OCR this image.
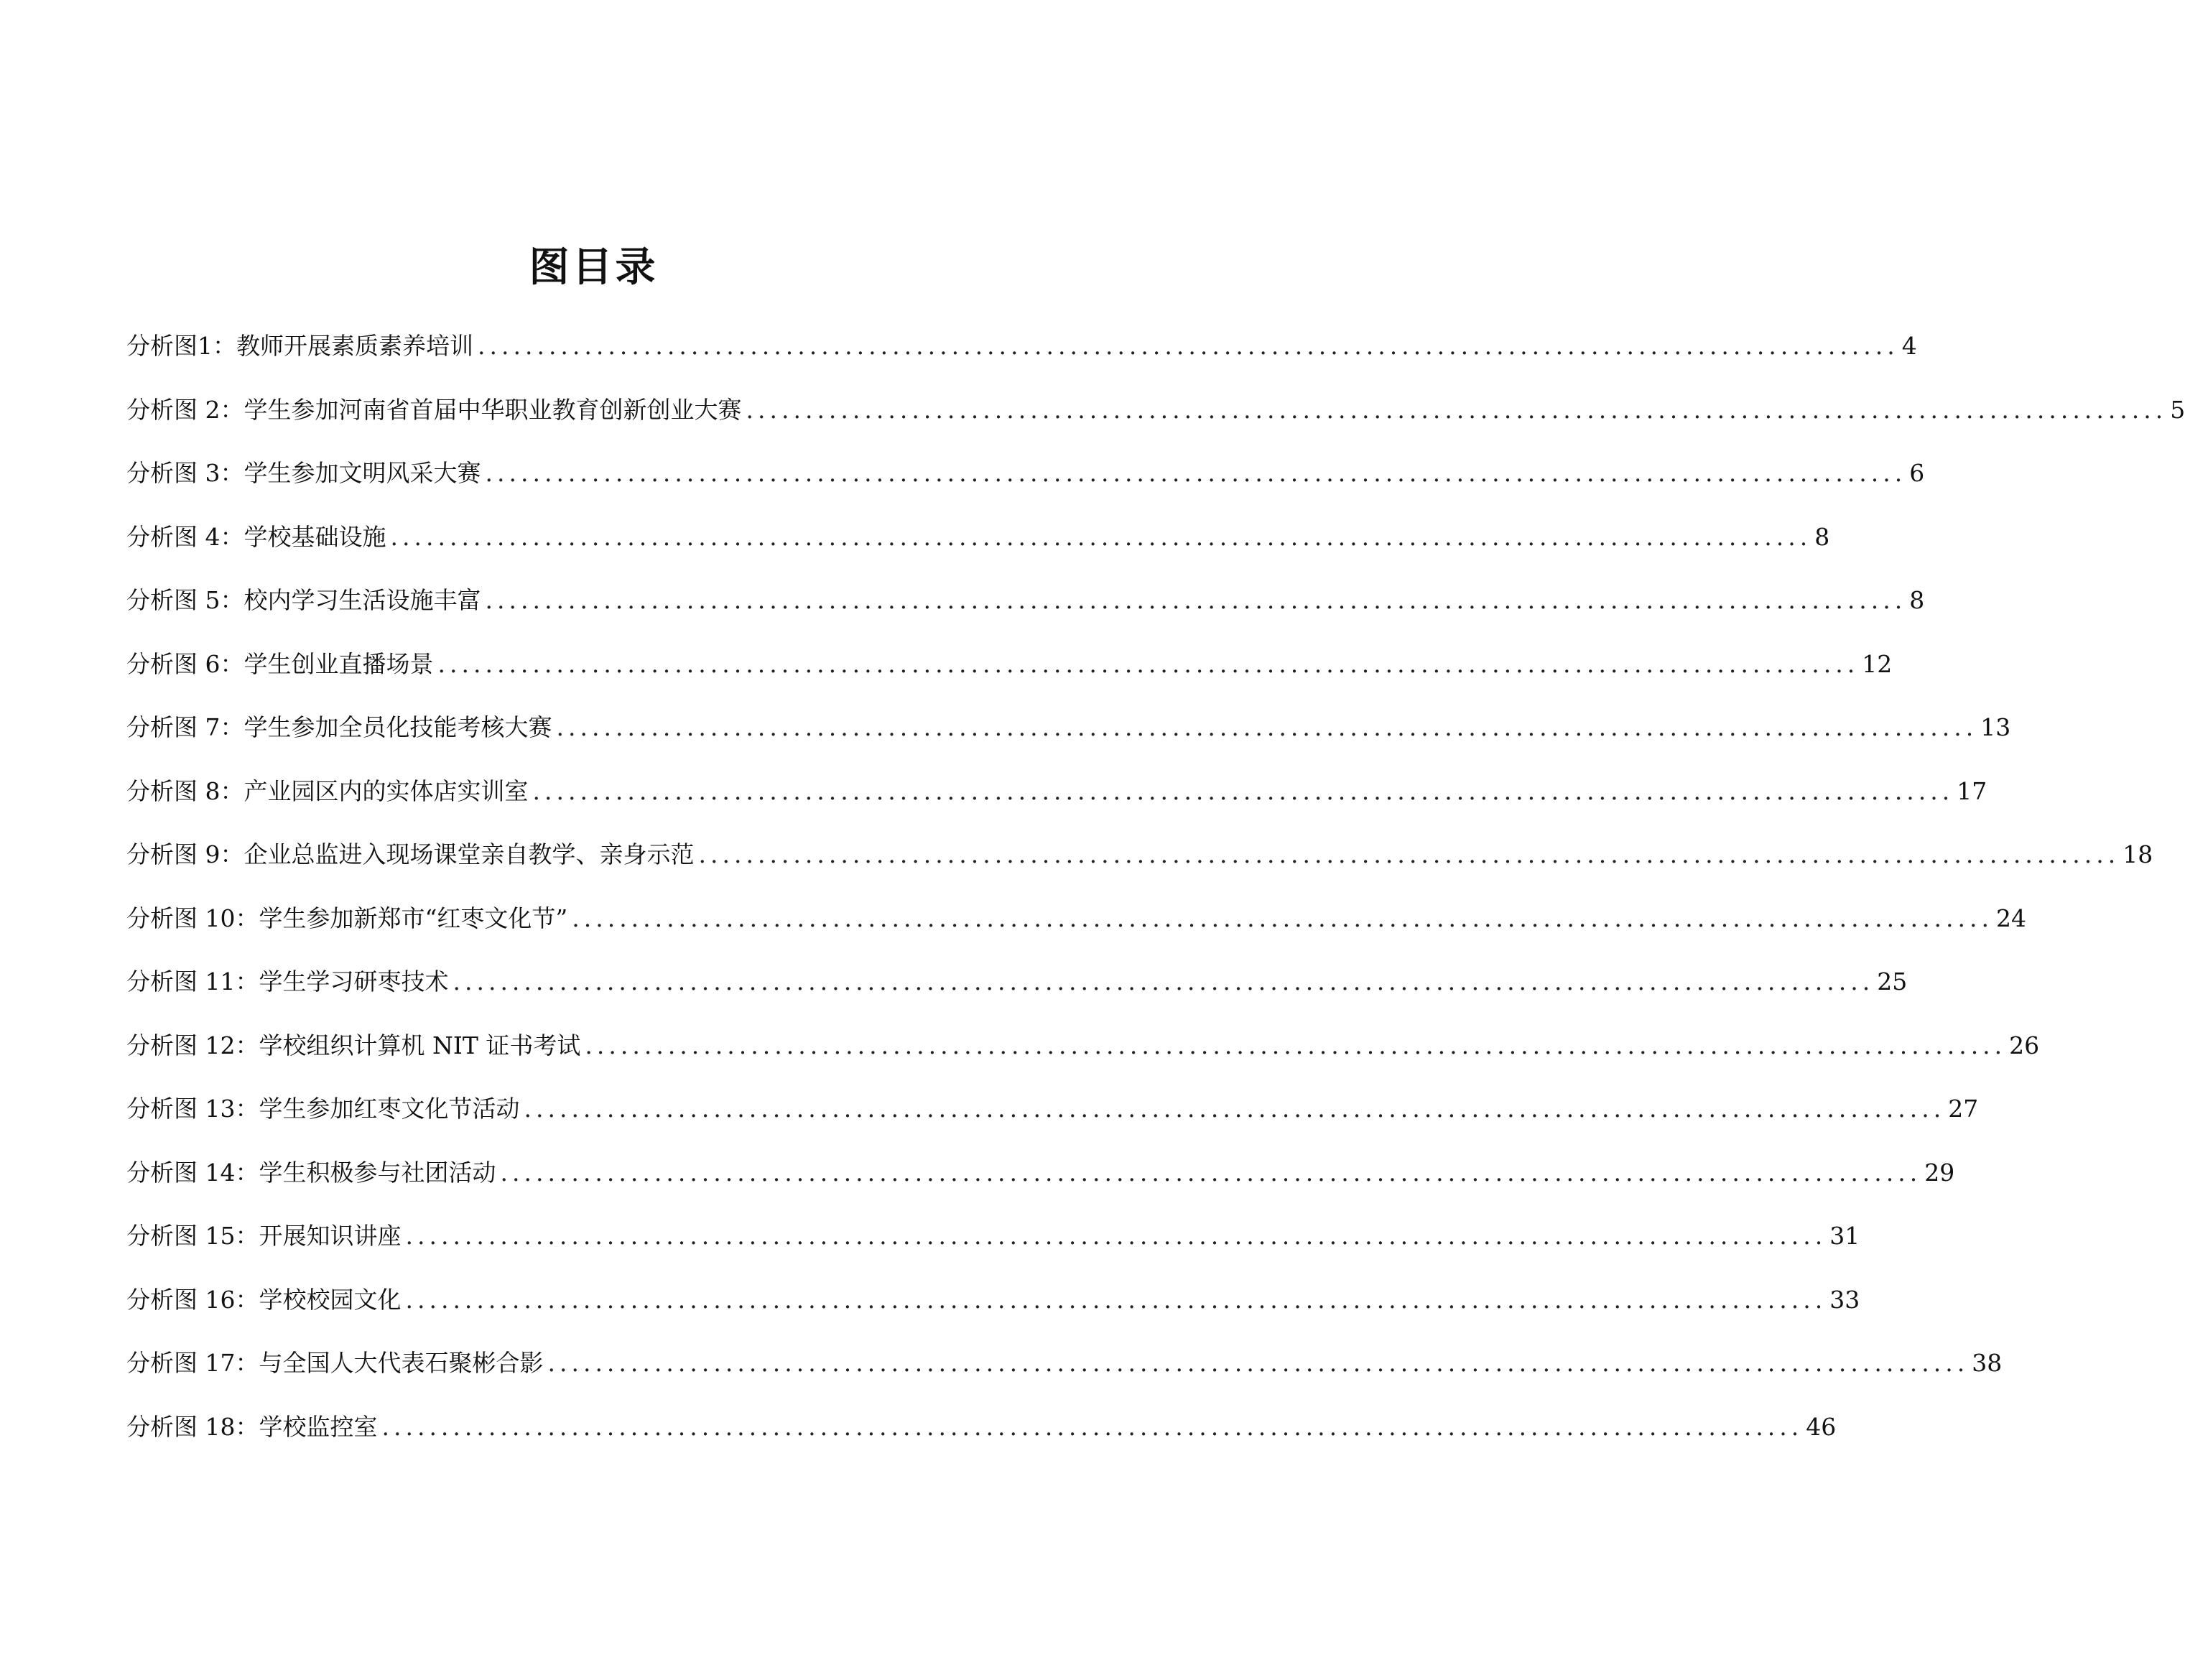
图目录
分析图1： 教师开展素质素养培训 ........................................................................................................................ 4
分析图 2： 学生参加河南省首届中华职业教育创新创业大赛 ........................................................................................................................ 5
分析图 3： 学生参加文明风采大赛 ........................................................................................................................ 6
分析图 4： 学校基础设施 ........................................................................................................................ 8
分析图 5： 校内学习生活设施丰富 ........................................................................................................................ 8
分析图 6： 学生创业直播场景 ........................................................................................................................ 12
分析图 7： 学生参加全员化技能考核大赛 ........................................................................................................................ 13
分析图 8： 产业园区内的实体店实训室 ........................................................................................................................ 17
分析图 9： 企业总监进入现场课堂亲自教学、亲身示范 ........................................................................................................................ 18
分析图 10： 学生参加新郑市“红枣文化节” ........................................................................................................................ 24
分析图 11： 学生学习研枣技术 ........................................................................................................................ 25
分析图 12： 学校组织计算机 NIT 证书考试 ........................................................................................................................ 26
分析图 13： 学生参加红枣文化节活动 ........................................................................................................................ 27
分析图 14： 学生积极参与社团活动 ........................................................................................................................ 29
分析图 15： 开展知识讲座 ........................................................................................................................ 31
分析图 16： 学校校园文化 ........................................................................................................................ 33
分析图 17： 与全国人大代表石聚彬合影 ........................................................................................................................ 38
分析图 18： 学校监控室 ........................................................................................................................ 46
